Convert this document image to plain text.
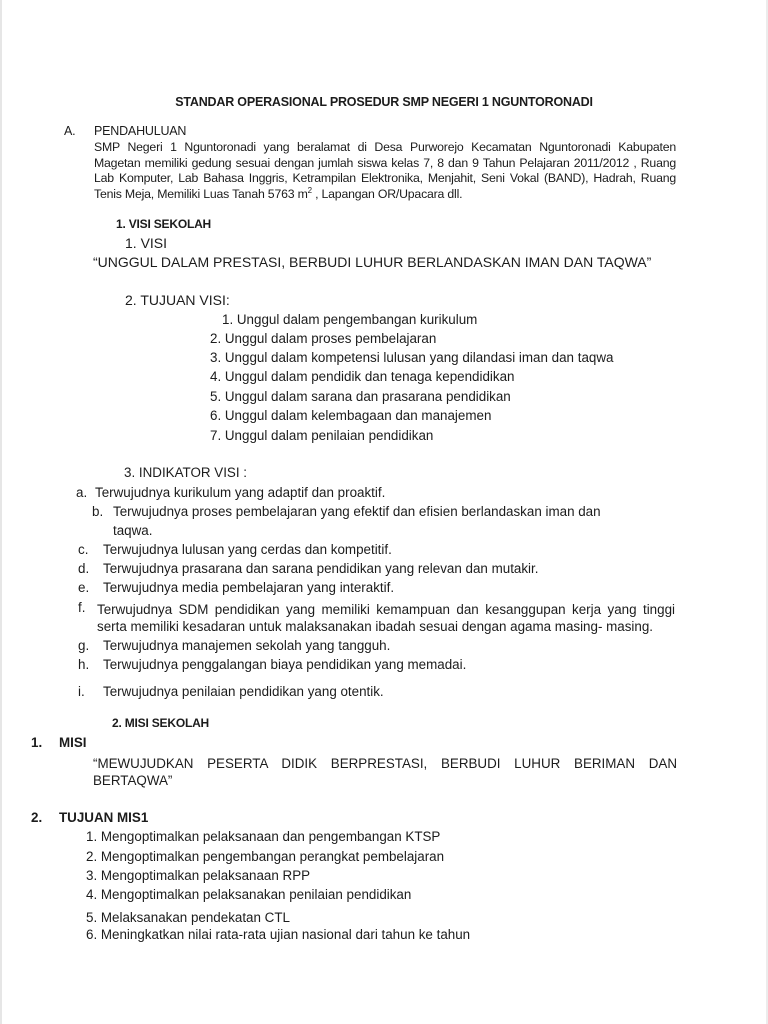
STANDAR OPERASIONAL PROSEDUR SMP NEGERI 1 NGUNTORONADI
A. PENDAHULUAN
SMP Negeri 1 Nguntoronadi yang beralamat di Desa Purworejo Kecamatan Nguntoronadi Kabupaten Magetan memiliki gedung sesuai dengan jumlah siswa kelas 7, 8 dan 9 Tahun Pelajaran 2011/2012 , Ruang Lab Komputer, Lab Bahasa Inggris, Ketrampilan Elektronika, Menjahit, Seni Vokal (BAND), Hadrah, Ruang Tenis Meja, Memiliki Luas Tanah 5763 $m^2$ , Lapangan OR/Upacara dll.
1. VISI SEKOLAH
1. VISI
“UNGGUL DALAM PRESTASI, BERBUDI LUHUR BERLANDASKAN IMAN DAN TAQWA”
2. TUJUAN VISI:
1. Unggul dalam pengembangan kurikulum
2. Unggul dalam proses pembelajaran
3. Unggul dalam kompetensi lulusan yang dilandasi iman dan taqwa
4. Unggul dalam pendidik dan tenaga kependidikan
5. Unggul dalam sarana dan prasarana pendidikan
6. Unggul dalam kelembagaan dan manajemen
7. Unggul dalam penilaian pendidikan
3. INDIKATOR VISI :
a. Terwujudnya kurikulum yang adaptif dan proaktif.
b. Terwujudnya proses pembelajaran yang efektif dan efisien berlandaskan iman dan
taqwa.
c. Terwujudnya lulusan yang cerdas dan kompetitif.
d. Terwujudnya prasarana dan sarana pendidikan yang relevan dan mutakir.
e. Terwujudnya media pembelajaran yang interaktif.
f. Terwujudnya SDM pendidikan yang memiliki kemampuan dan kesanggupan kerja yang tinggi
serta memiliki kesadaran untuk malaksanakan ibadah sesuai dengan agama masing- masing.
g. Terwujudnya manajemen sekolah yang tangguh.
h. Terwujudnya penggalangan biaya pendidikan yang memadai.
i. Terwujudnya penilaian pendidikan yang otentik.
2. MISI SEKOLAH
1. MISI
“MEWUJUDKAN PESERTA DIDIK BERPRESTASI, BERBUDI LUHUR BERIMAN DAN
BERTAQWA”
2. TUJUAN MIS1
1. Mengoptimalkan pelaksanaan dan pengembangan KTSP
2. Mengoptimalkan pengembangan perangkat pembelajaran
3. Mengoptimalkan pelaksanaan RPP
4. Mengoptimalkan pelaksanakan penilaian pendidikan
5. Melaksanakan pendekatan CTL
6. Meningkatkan nilai rata-rata ujian nasional dari tahun ke tahun
